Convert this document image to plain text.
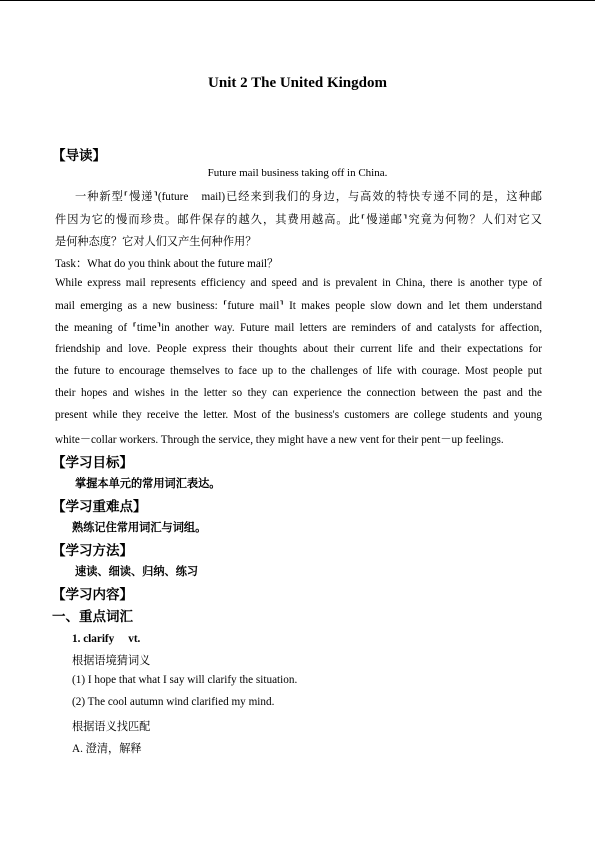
Unit 2 The United Kingdom
【导读】
Future mail business taking off in China.
一种新型⸢慢递⸣(future　mail)已经来到我们的身边，与高效的特快专递不同的是，这种邮
件因为它的慢而珍贵。邮件保存的越久，其费用越高。此⸢慢递邮⸣究竟为何物？人们对它又
是何种态度？它对人们又产生何种作用？
Task：What do you think about the future mail？
While express mail represents efficiency and speed and is prevalent in China, there is another type of
mail emerging as a new business: ⸢future mail⸣ It makes people slow down and let them understand
the meaning of ⸢time⸣in another way. Future mail letters are reminders of and catalysts for affection,
friendship and love. People express their thoughts about their current life and their expectations for
the future to encourage themselves to face up to the challenges of life with courage. Most people put
their hopes and wishes in the letter so they can experience the connection between the past and the
present while they receive the letter. Most of the business's customers are college students and young
white－collar workers. Through the service, they might have a new vent for their pent－up feelings.
【学习目标】
掌握本单元的常用词汇表达。
【学习重难点】
熟练记住常用词汇与词组。
【学习方法】
速读、细读、归纳、练习
【学习内容】
一、重点词汇
1. clarify　 vt.
根据语境猜词义
(1) I hope that what I say will clarify the situation.
(2) The cool autumn wind clarified my mind.
根据语义找匹配
A. 澄清，解释
